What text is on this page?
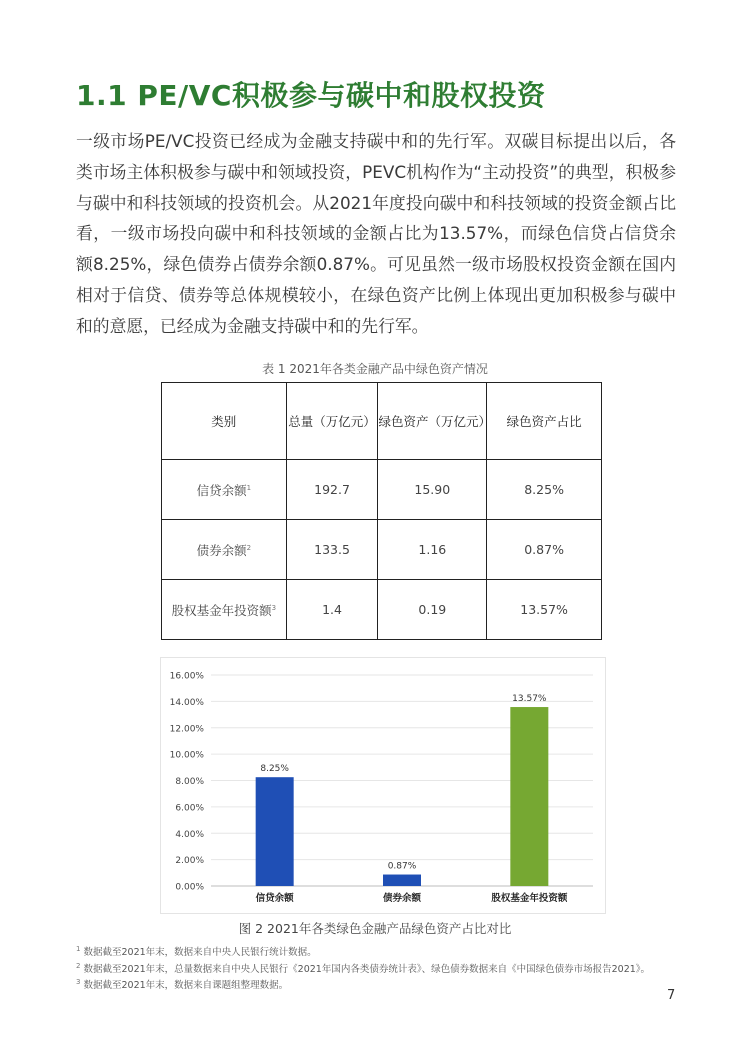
1.1 PE/VC积极参与碳中和股权投资
一级市场PE/VC投资已经成为金融支持碳中和的先行军。双碳目标提出以后，各类市场主体积极参与碳中和领域投资，PEVC机构作为“主动投资”的典型，积极参与碳中和科技领域的投资机会。从2021年度投向碳中和科技领域的投资金额占比看，一级市场投向碳中和科技领域的金额占比为13.57%，而绿色信贷占信贷余额8.25%，绿色债券占债券余额0.87%。可见虽然一级市场股权投资金额在国内相对于信贷、债券等总体规模较小，在绿色资产比例上体现出更加积极参与碳中和的意愿，已经成为金融支持碳中和的先行军。
表 1 2021年各类金融产品中绿色资产情况
类别	总量（万亿元）	绿色资产（万亿元）	绿色资产占比
信贷余额$^1$	192.7	15.90	8.25%
债券余额$^2$	133.5	1.16	0.87%
股权基金年投资额$^3$	1.4	0.19	13.57%
0.00%
2.00%
4.00%
6.00%
8.00%
10.00%
12.00%
14.00%
16.00%
8.25%
信贷余额
0.87%
债券余额
13.57%
股权基金年投资额
图 2 2021年各类绿色金融产品绿色资产占比对比
$^1$ 数据截至2021年末，数据来自中央人民银行统计数据。
$^2$ 数据截至2021年末，总量数据来自中央人民银行《2021年国内各类债券统计表》、绿色债券数据来自《中国绿色债券市场报告2021》。
$^3$ 数据截至2021年末，数据来自课题组整理数据。
7
